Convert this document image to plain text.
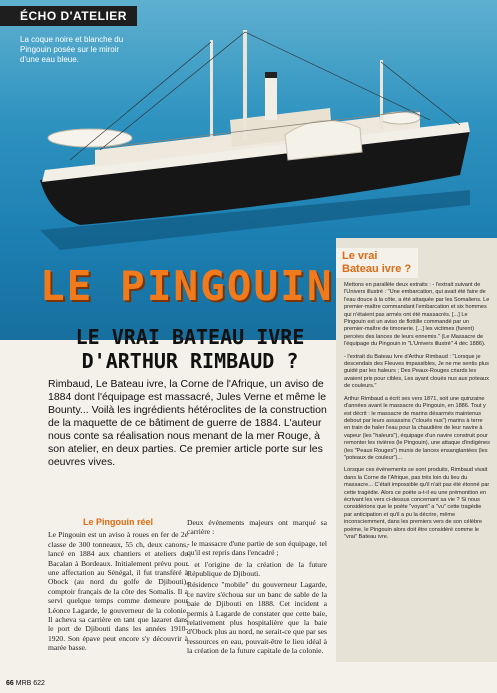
ÉCHO D'ATELIER
La coque noire et blanche du Pingouin posée sur le miroir d'une eau bleue.
LE PINGOUIN
LE VRAI BATEAU IVRE D'ARTHUR RIMBAUD ?
Rimbaud, Le Bateau ivre, la Corne de l'Afrique, un aviso de 1884 dont l'équipage est massacré, Jules Verne et même le Bounty... Voilà les ingrédients hétéroclites de la construction de la maquette de ce bâtiment de guerre de 1884. L'auteur nous conte sa réalisation nous menant de la mer Rouge, à son atelier, en deux parties. Ce premier article porte sur les oeuvres vives.
Le Pingouin réel

Le Pingouin est un aviso à roues en fer de 2e classe de 300 tonneaux, 55 ch, deux canons, lancé en 1884 aux chantiers et ateliers du Bacalan à Bordeaux. Initialement prévu pour une affectation au Sénégal, il fut transféré à Obock (au nord du golfe de Djibouti), comptoir français de la côte des Somalis. Il a servi quelque temps comme demeure pour Léonce Lagarde, le gouverneur de la colonie. Il acheva sa carrière en tant que lazaret dans le port de Djibouti dans les années 1910-1920. Son épave peut encore s'y découvrir à marée basse.

Deux événements majeurs ont marqué sa carrière :

- le massacre d'une partie de son équipage, tel qu'il est repris dans l'encadré ;

- et l'origine de la création de la future République de Djibouti.

Résidence "mobile" du gouverneur Lagarde, ce navire s'échoua sur un banc de sable de la baie de Djibouti en 1888. Cet incident a permis à Lagarde de constater que cette baie, relativement plus hospitalière que la baie d'Obock plus au nord, ne serait-ce que par ses ressources en eau, pouvait-être le lieu idéal à la création de la future capitale de la colonie.

Le vrai Bateau ivre ?

Mettons en parallèle deux extraits : - l'extrait suivant de l'Univers illustré : "Une embarcation, qui avait été faire de l'eau douce à la côte, a été attaquée par les Somaliens. Le premier-maître commandant l'embarcation et six hommes qui n'étaient pas armés ont été massacrés. [...] Le Pingouin est un aviso de flottille commandé par un premier-maître de timonerie. [...] les victimes (furent) percées des lances de leurs ennemis." (Le Massacre de l'équipage du Pingouin in "L'Univers illustré" 4 déc 1886).

- l'extrait du Bateau Ivre d'Arthur Rimbaud : "Lorsque je descendais des Fleuves impassibles, Je ne me sentis plus guidé par les haleurs ; Des Peaux-Rouges criards les avaient pris pour cibles, Les ayant cloués nus aux poteaux de couleurs."

Arthur Rimbaud a écrit ses vers 1871, soit une quinzaine d'années avant le massacre du Pingouin, en 1886. Tout y est décrit : le massacre de marins désarmés maintenus debout par leurs assassins ("cloués nus") marins à terre en train de haler l'eau pour la chaudière de leur navire à vapeur (les "haleurs"), équipage d'un navire construit pour remonter les rivières (le Pingouin), une attaque d'indigènes (les "Peaux Rouges") munis de lances ensanglantées (les "poteaux de couleur")...

Lorsque ces événements se sont produits, Rimbaud vivait dans la Corne de l'Afrique, pas très loin du lieu du massacre... C'était impossible qu'il n'ait pas été étonné par cette tragédie. Alors ce poète a-t-il eu une prémonition en écrivant les vers ci-dessus concernant sa vie ? Si nous considérions que le poète "voyant" a "vu" cette tragédie par anticipation et qu'il a pu la décrire, même inconsciemment, dans les premiers vers de son célèbre poème, le Pingouin alors doit être considéré comme le "vrai" Bateau ivre.

66 MRB 622
